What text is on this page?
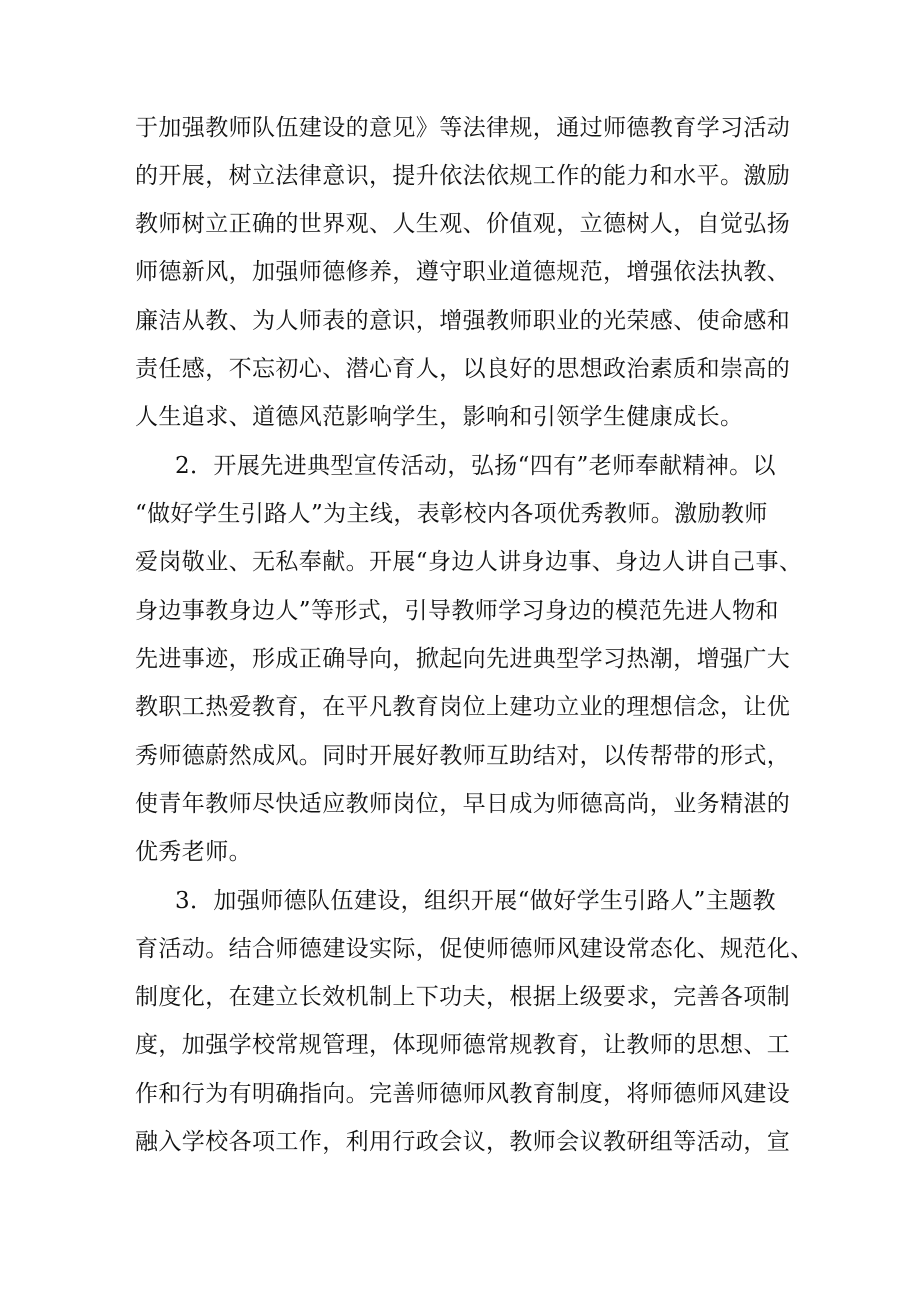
于加强教师队伍建设的意见》等法律规，通过师德教育学习活动
的开展，树立法律意识，提升依法依规工作的能力和水平。激励
教师树立正确的世界观、人生观、价值观，立德树人，自觉弘扬
师德新风，加强师德修养，遵守职业道德规范，增强依法执教、
廉洁从教、为人师表的意识，增强教师职业的光荣感、使命感和
责任感，不忘初心、潜心育人，以良好的思想政治素质和崇高的
人生追求、道德风范影响学生，影响和引领学生健康成长。
2．开展先进典型宣传活动，弘扬“四有”老师奉献精神。以
“做好学生引路人”为主线，表彰校内各项优秀教师。激励教师
爱岗敬业、无私奉献。开展“身边人讲身边事、身边人讲自己事、
身边事教身边人”等形式，引导教师学习身边的模范先进人物和
先进事迹，形成正确导向，掀起向先进典型学习热潮，增强广大
教职工热爱教育，在平凡教育岗位上建功立业的理想信念，让优
秀师德蔚然成风。同时开展好教师互助结对，以传帮带的形式，
使青年教师尽快适应教师岗位，早日成为师德高尚，业务精湛的
优秀老师。
3．加强师德队伍建设，组织开展“做好学生引路人”主题教
育活动。结合师德建设实际，促使师德师风建设常态化、规范化、
制度化，在建立长效机制上下功夫，根据上级要求，完善各项制
度，加强学校常规管理，体现师德常规教育，让教师的思想、工
作和行为有明确指向。完善师德师风教育制度，将师德师风建设
融入学校各项工作，利用行政会议，教师会议教研组等活动，宣
